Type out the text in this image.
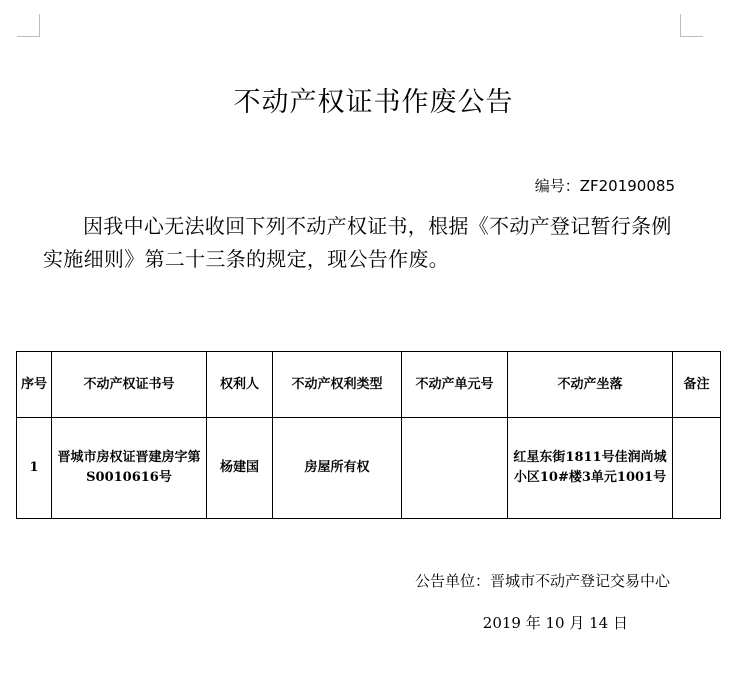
不动产权证书作废公告
编号：ZF20190085
因我中心无法收回下列不动产权证书，根据《不动产登记暂行条例实施细则》第二十三条的规定，现公告作废。
序号	不动产权证书号	权利人	不动产权利类型	不动产单元号	不动产坐落	备注
1	晋城市房权证晋建房字第S0010616号	杨建国	房屋所有权		红星东街1811号佳润尚城小区10#楼3单元1001号	
公告单位：晋城市不动产登记交易中心
2019 年 10 月 14 日
